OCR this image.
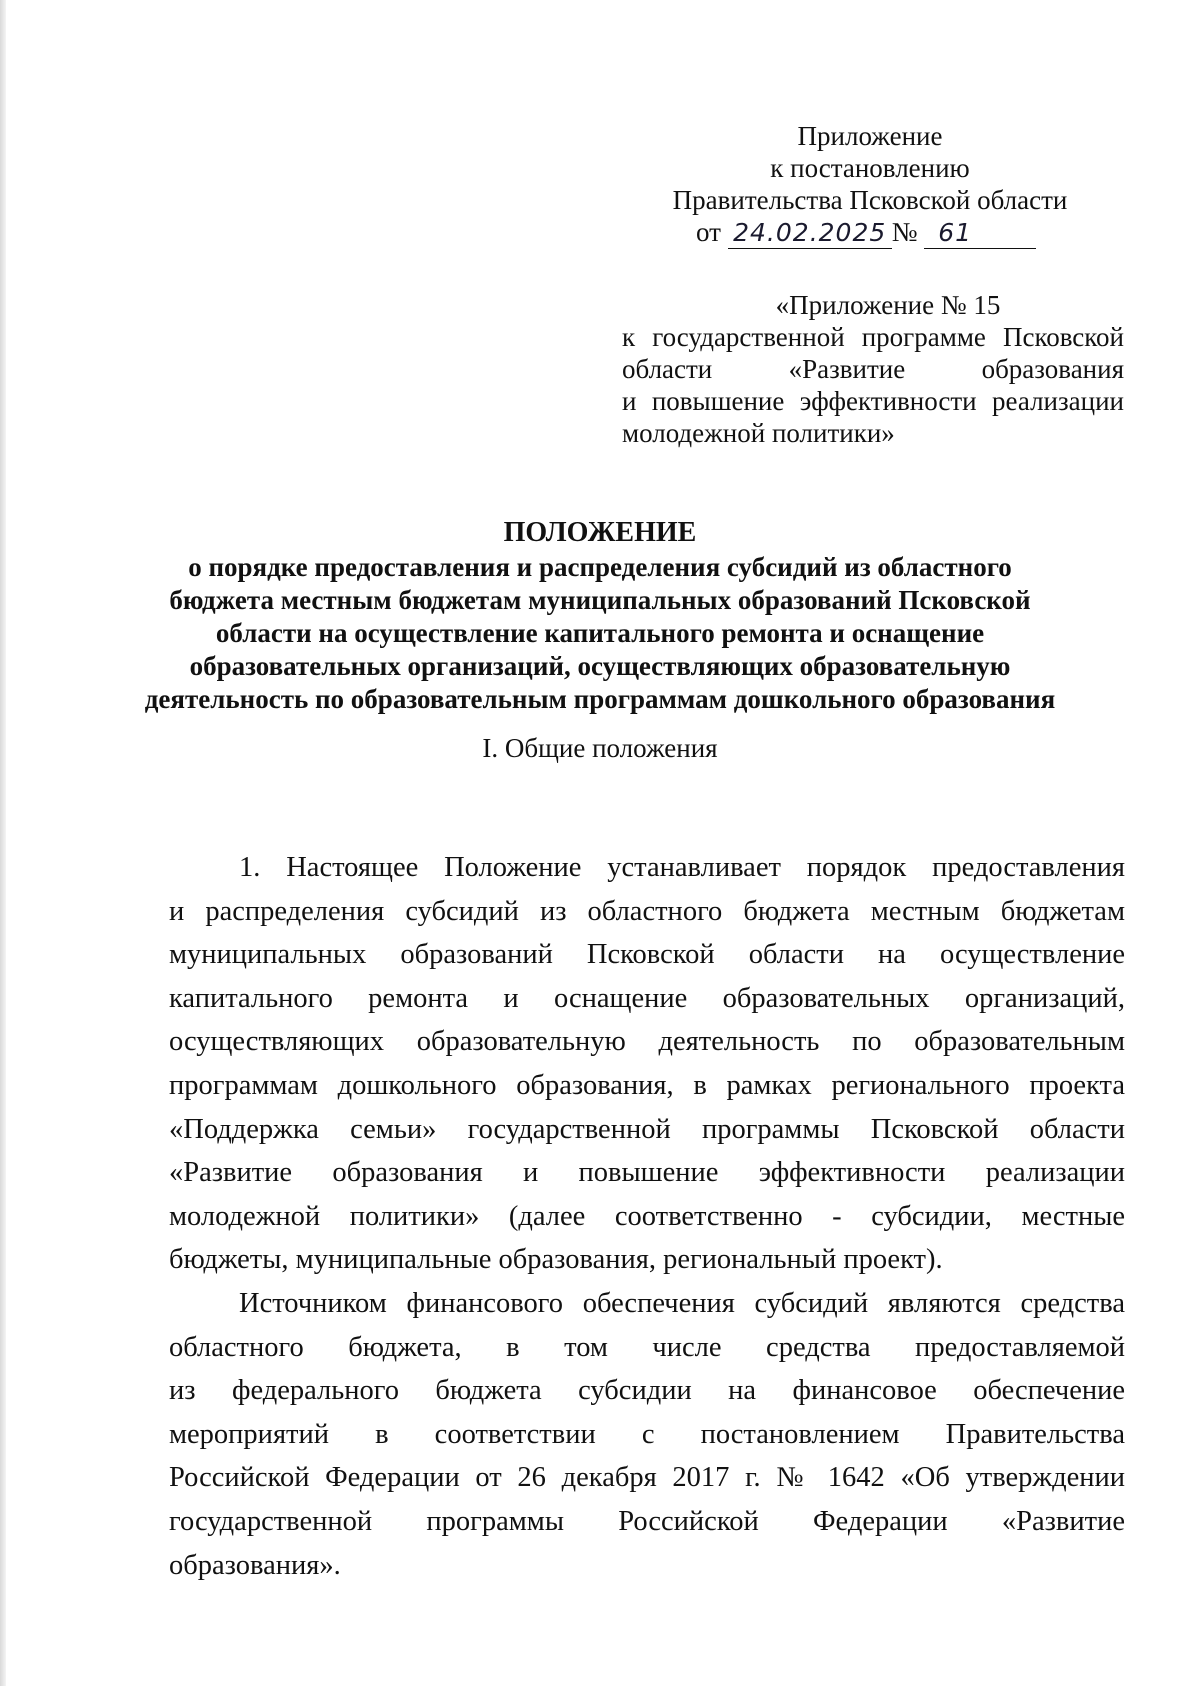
Приложение
к постановлению
Правительства Псковской области
от 24.02.2025 № 61
«Приложение № 15
к государственной программе Псковской
области «Развитие образования
и повышение эффективности реализации
молодежной политики»
ПОЛОЖЕНИЕ
о порядке предоставления и распределения субсидий из областного
бюджета местным бюджетам муниципальных образований Псковской
области на осуществление капитального ремонта и оснащение
образовательных организаций, осуществляющих образовательную
деятельность по образовательным программам дошкольного образования
I. Общие положения
1. Настоящее Положение устанавливает порядок предоставления
и распределения субсидий из областного бюджета местным бюджетам
муниципальных образований Псковской области на осуществление
капитального ремонта и оснащение образовательных организаций,
осуществляющих образовательную деятельность по образовательным
программам дошкольного образования, в рамках регионального проекта
«Поддержка семьи» государственной программы Псковской области
«Развитие образования и повышение эффективности реализации
молодежной политики» (далее соответственно - субсидии, местные
бюджеты, муниципальные образования, региональный проект).
Источником финансового обеспечения субсидий являются средства
областного бюджета, в том числе средства предоставляемой
из федерального бюджета субсидии на финансовое обеспечение
мероприятий в соответствии с постановлением Правительства
Российской Федерации от 26 декабря 2017 г. № 1642 «Об утверждении
государственной программы Российской Федерации «Развитие
образования».
